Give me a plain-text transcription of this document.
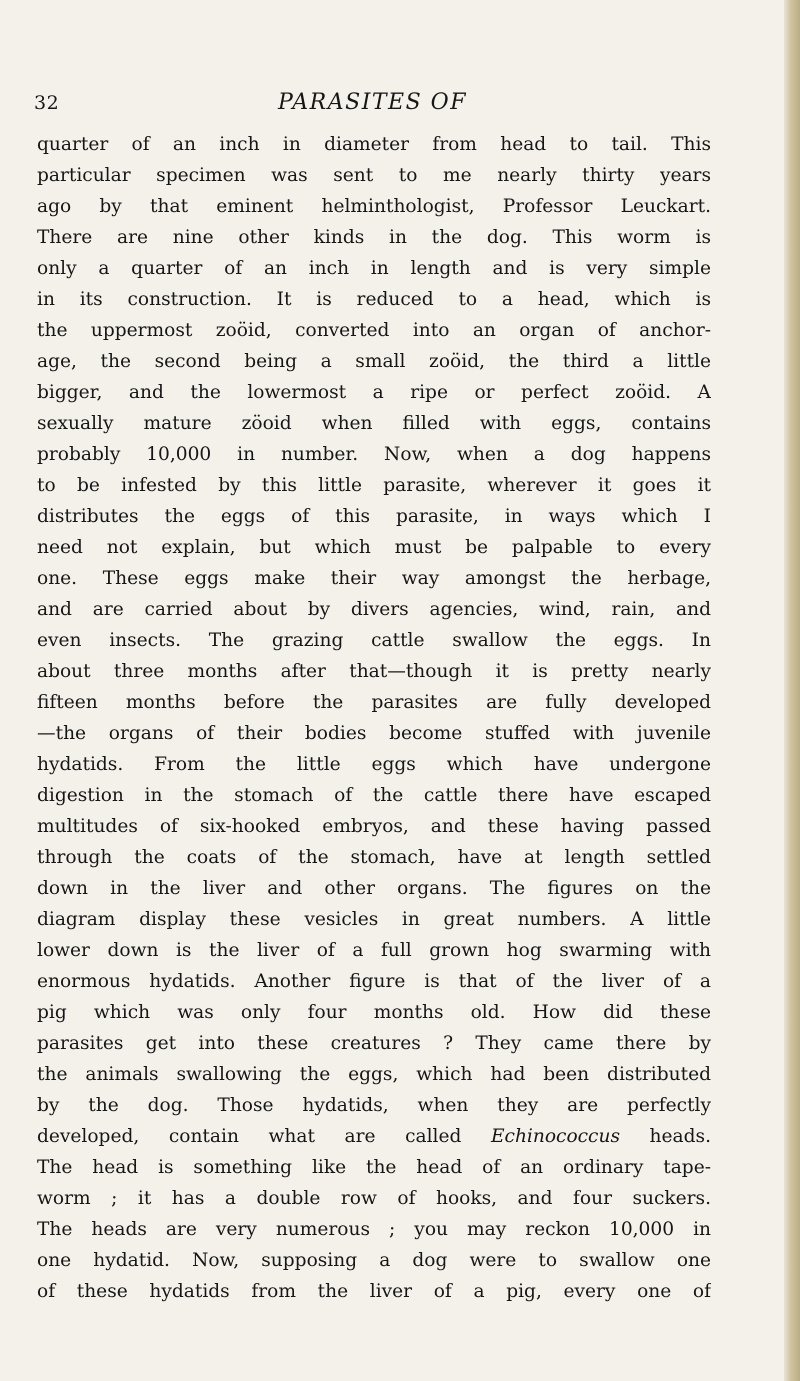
32	PARASITES OF
quarter of an inch in diameter from head to tail. This
particular specimen was sent to me nearly thirty years
ago by that eminent helminthologist, Professor Leuckart.
There are nine other kinds in the dog. This worm is
only a quarter of an inch in length and is very simple
in its construction. It is reduced to a head, which is
the uppermost zoöid, converted into an organ of anchor-
age, the second being a small zoöid, the third a little
bigger, and the lowermost a ripe or perfect zoöid. A
sexually mature zöoid when filled with eggs, contains
probably 10,000 in number. Now, when a dog happens
to be infested by this little parasite, wherever it goes it
distributes the eggs of this parasite, in ways which I
need not explain, but which must be palpable to every
one. These eggs make their way amongst the herbage,
and are carried about by divers agencies, wind, rain, and
even insects. The grazing cattle swallow the eggs. In
about three months after that—though it is pretty nearly
fifteen months before the parasites are fully developed
—the organs of their bodies become stuffed with juvenile
hydatids. From the little eggs which have undergone
digestion in the stomach of the cattle there have escaped
multitudes of six-hooked embryos, and these having passed
through the coats of the stomach, have at length settled
down in the liver and other organs. The figures on the
diagram display these vesicles in great numbers. A little
lower down is the liver of a full grown hog swarming with
enormous hydatids. Another figure is that of the liver of a
pig which was only four months old. How did these
parasites get into these creatures ? They came there by
the animals swallowing the eggs, which had been distributed
by the dog. Those hydatids, when they are perfectly
developed, contain what are called Echinococcus heads.
The head is something like the head of an ordinary tape-
worm ; it has a double row of hooks, and four suckers.
The heads are very numerous ; you may reckon 10,000 in
one hydatid. Now, supposing a dog were to swallow one
of these hydatids from the liver of a pig, every one of
